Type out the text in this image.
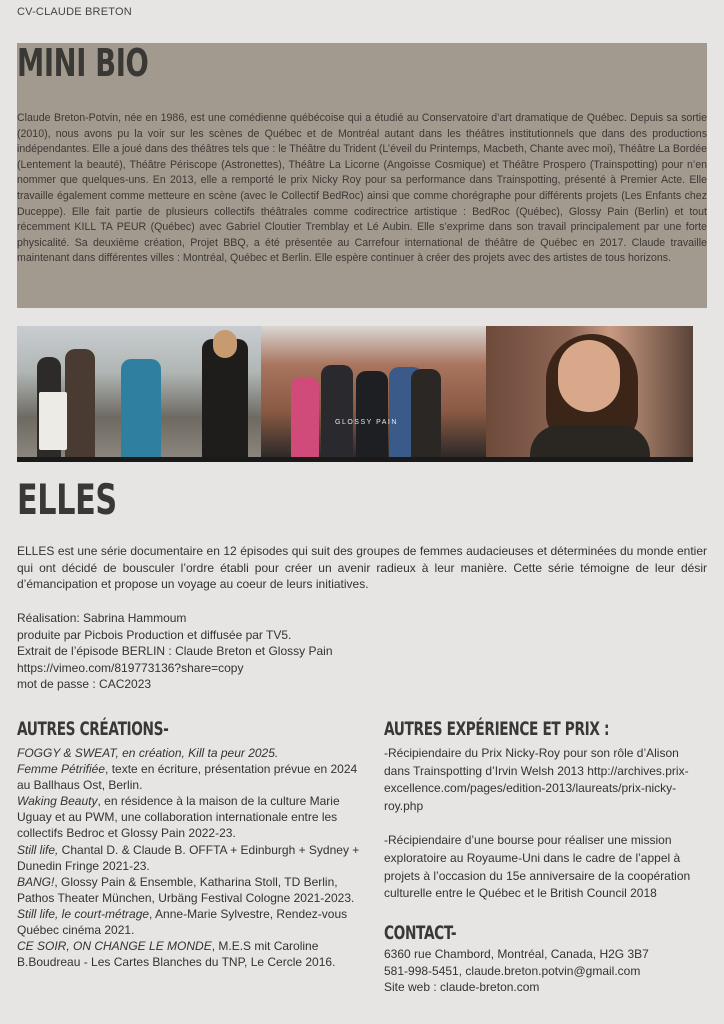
CV-CLAUDE BRETON
MINI BIO

Claude Breton-Potvin, née en 1986, est une comédienne québécoise qui a étudié au Conservatoire d’art dramatique de Québec. Depuis sa sortie (2010), nous avons pu la voir sur les scènes de Québec et de Montréal autant dans les théâtres institutionnels que dans des productions indépendantes. Elle a joué dans des théâtres tels que : le Théâtre du Trident (L’éveil du Printemps, Macbeth, Chante avec moi), Théâtre La Bordée (Lentement la beauté), Théâtre Périscope (Astronettes), Théâtre La Licorne (Angoisse Cosmique) et Théâtre Prospero (Trainspotting) pour n’en nommer que quelques-uns. En 2013, elle a remporté le prix Nicky Roy pour sa performance dans Trainspotting, présenté à Premier Acte. Elle travaille également comme metteure en scène (avec le Collectif BedRoc) ainsi que comme chorégraphe pour différents projets (Les Enfants chez Duceppe). Elle fait partie de plusieurs collectifs théâtrales comme codirectrice artistique : BedRoc (Québec), Glossy Pain (Berlin) et tout récemment KILL TA PEUR (Québec) avec Gabriel Cloutier Tremblay et Lé Aubin. Elle s’exprime dans son travail principalement par une forte physicalité. Sa deuxième création, Projet BBQ, a été présentée au Carrefour international de théâtre de Québec en 2017. Claude travaille maintenant dans différentes villes : Montréal, Québec et Berlin. Elle espère continuer à créer des projets avec des artistes de tous horizons.

GLOSSY PAIN
ELLES

ELLES est une série documentaire en 12 épisodes qui suit des groupes de femmes audacieuses et déterminées du monde entier qui ont décidé de bousculer l’ordre établi pour créer un avenir radieux à leur manière. Cette série témoigne de leur désir d’émancipation et propose un voyage au coeur de leurs initiatives.

Réalisation: Sabrina Hammoum
produite par Picbois Production et diffusée par TV5.
Extrait de l’épisode BERLIN : Claude Breton et Glossy Pain
https://vimeo.com/819773136?share=copy
mot de passe : CAC2023
AUTRES CRÉATIONS-

FOGGY & SWEAT, en création, Kill ta peur 2025.

Femme Pétrifiée, texte en écriture, présentation prévue en 2024 au Ballhaus Ost, Berlin.

Waking Beauty, en résidence à la maison de la culture Marie Uguay et au PWM, une collaboration internationale entre les collectifs Bedroc et Glossy Pain 2022-23.

Still life, Chantal D. & Claude B. OFFTA + Edinburgh + Sydney + Dunedin Fringe 2021-23.

BANG!, Glossy Pain & Ensemble, Katharina Stoll, TD Berlin, Pathos Theater München, Urbäng Festival Cologne 2021-2023.

Still life, le court-métrage, Anne-Marie Sylvestre, Rendez-vous Québec cinéma 2021.

CE SOIR, ON CHANGE LE MONDE, M.E.S mit Caroline B.Boudreau - Les Cartes Blanches du TNP, Le Cercle 2016.

AUTRES EXPÉRIENCE ET PRIX :

-Récipiendaire du Prix Nicky-Roy pour son rôle d’Alison dans Trainspotting d’Irvin Welsh 2013 http://archives.prix-excellence.com/pages/edition-2013/laureats/prix-nicky-roy.php

-Récipiendaire d’une bourse pour réaliser une mission exploratoire au Royaume-Uni dans le cadre de l’appel à projets à l’occasion du 15e anniversaire de la coopération culturelle entre le Québec et le British Council 2018

CONTACT-
6360 rue Chambord, Montréal, Canada, H2G 3B7
581-998-5451, claude.breton.potvin@gmail.com
Site web : claude-breton.com
